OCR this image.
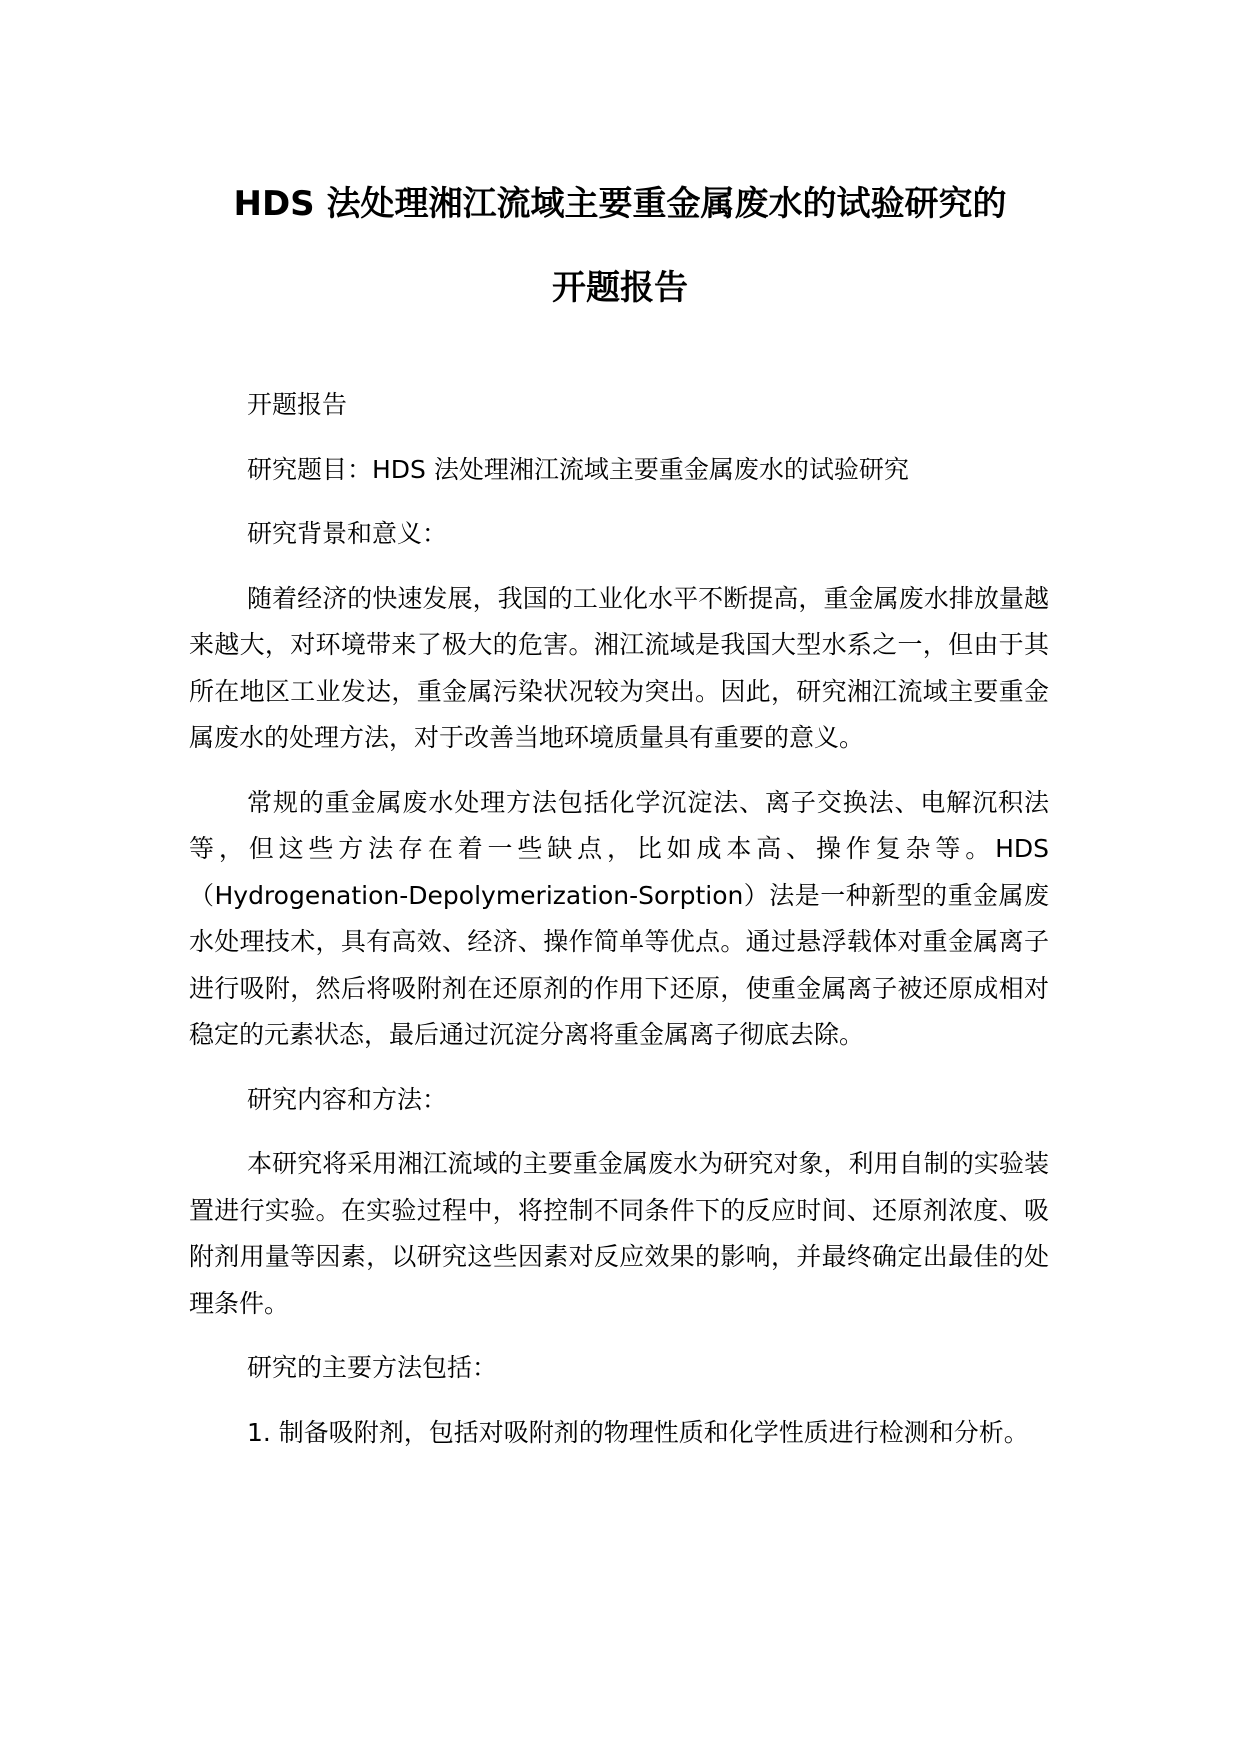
HDS 法处理湘江流域主要重金属废水的试验研究的
开题报告

开题报告

研究题目：HDS 法处理湘江流域主要重金属废水的试验研究

研究背景和意义：

随着经济的快速发展，我国的工业化水平不断提高，重金属废水排放量越来越大，对环境带来了极大的危害。湘江流域是我国大型水系之一，但由于其所在地区工业发达，重金属污染状况较为突出。因此，研究湘江流域主要重金属废水的处理方法，对于改善当地环境质量具有重要的意义。

常规的重金属废水处理方法包括化学沉淀法、离子交换法、电解沉积法等，但这些方法存在着一些缺点，比如成本高、操作复杂等。HDS（Hydrogenation-Depolymerization-Sorption）法是一种新型的重金属废水处理技术，具有高效、经济、操作简单等优点。通过悬浮载体对重金属离子进行吸附，然后将吸附剂在还原剂的作用下还原，使重金属离子被还原成相对稳定的元素状态，最后通过沉淀分离将重金属离子彻底去除。

研究内容和方法：

本研究将采用湘江流域的主要重金属废水为研究对象，利用自制的实验装置进行实验。在实验过程中，将控制不同条件下的反应时间、还原剂浓度、吸附剂用量等因素，以研究这些因素对反应效果的影响，并最终确定出最佳的处理条件。

研究的主要方法包括：

1. 制备吸附剂，包括对吸附剂的物理性质和化学性质进行检测和分析。
